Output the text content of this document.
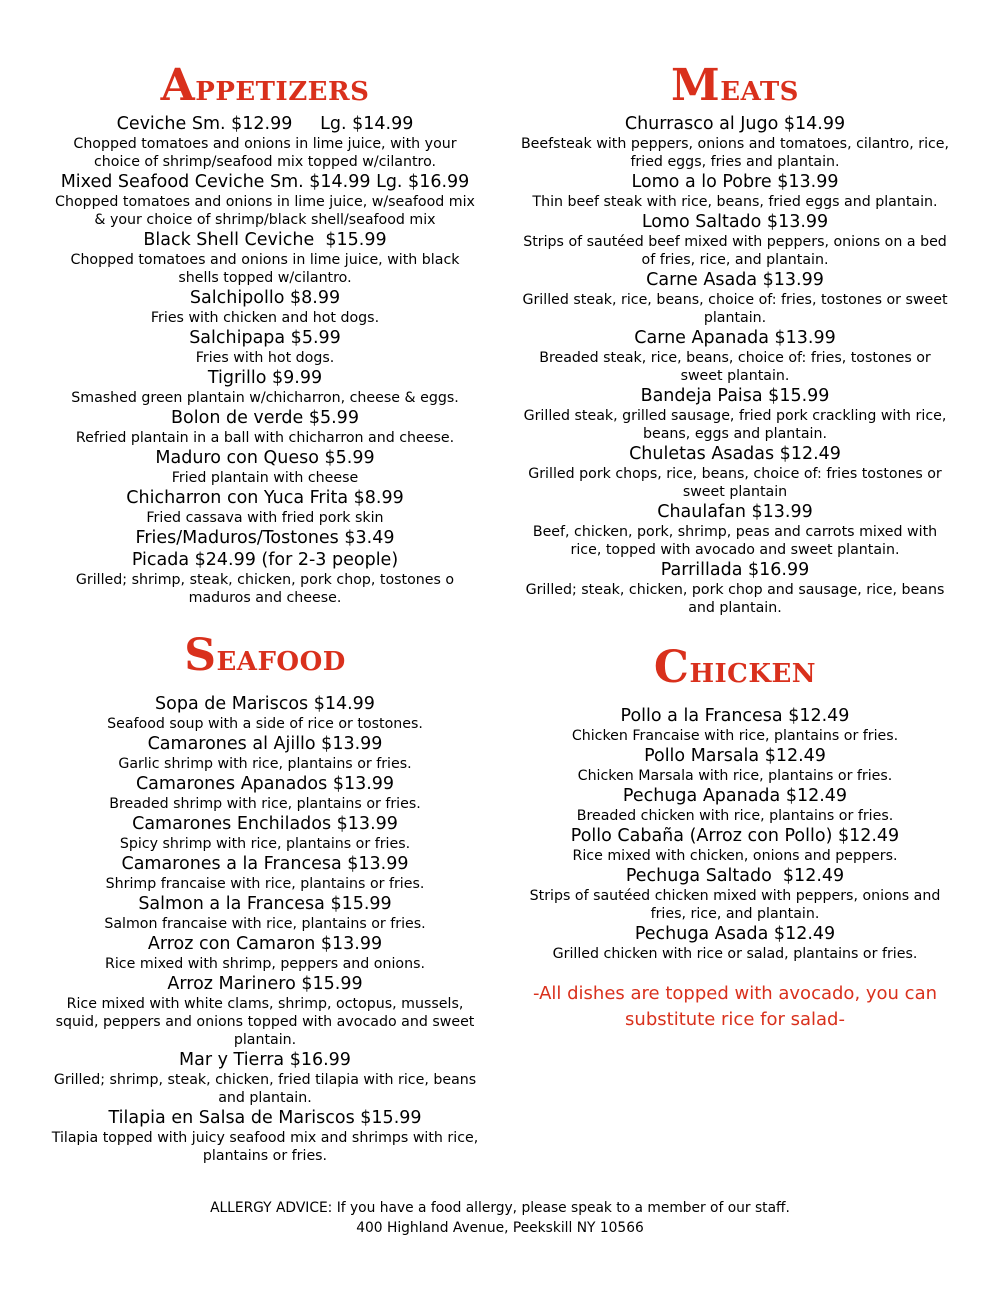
APPETIZERS
Ceviche Sm. $12.99     Lg. $14.99
Chopped tomatoes and onions in lime juice, with your choice of shrimp/seafood mix topped w/cilantro.
Mixed Seafood Ceviche Sm. $14.99 Lg. $16.99
Chopped tomatoes and onions in lime juice, w/seafood mix & your choice of shrimp/black shell/seafood mix
Black Shell Ceviche  $15.99
Chopped tomatoes and onions in lime juice, with black shells topped w/cilantro.
Salchipollo $8.99
Fries with chicken and hot dogs.
Salchipapa $5.99
Fries with hot dogs.
Tigrillo $9.99
Smashed green plantain w/chicharron, cheese & eggs.
Bolon de verde $5.99
Refried plantain in a ball with chicharron and cheese.
Maduro con Queso $5.99
Fried plantain with cheese
Chicharron con Yuca Frita $8.99
Fried cassava with fried pork skin
Fries/Maduros/Tostones $3.49
Picada $24.99 (for 2-3 people)
Grilled; shrimp, steak, chicken, pork chop, tostones o maduros and cheese.
SEAFOOD
Sopa de Mariscos $14.99
Seafood soup with a side of rice or tostones.
Camarones al Ajillo $13.99
Garlic shrimp with rice, plantains or fries.
Camarones Apanados $13.99
Breaded shrimp with rice, plantains or fries.
Camarones Enchilados $13.99
Spicy shrimp with rice, plantains or fries.
Camarones a la Francesa $13.99
Shrimp francaise with rice, plantains or fries.
Salmon a la Francesa $15.99
Salmon francaise with rice, plantains or fries.
Arroz con Camaron $13.99
Rice mixed with shrimp, peppers and onions.
Arroz Marinero $15.99
Rice mixed with white clams, shrimp, octopus, mussels, squid, peppers and onions topped with avocado and sweet plantain.
Mar y Tierra $16.99
Grilled; shrimp, steak, chicken, fried tilapia with rice, beans and plantain.
Tilapia en Salsa de Mariscos $15.99
Tilapia topped with juicy seafood mix and shrimps with rice, plantains or fries.
MEATS
Churrasco al Jugo $14.99
Beefsteak with peppers, onions and tomatoes, cilantro, rice, fried eggs, fries and plantain.
Lomo a lo Pobre $13.99
Thin beef steak with rice, beans, fried eggs and plantain.
Lomo Saltado $13.99
Strips of sautéed beef mixed with peppers, onions on a bed of fries, rice, and plantain.
Carne Asada $13.99
Grilled steak, rice, beans, choice of: fries, tostones or sweet plantain.
Carne Apanada $13.99
Breaded steak, rice, beans, choice of: fries, tostones or sweet plantain.
Bandeja Paisa $15.99
Grilled steak, grilled sausage, fried pork crackling with rice, beans, eggs and plantain.
Chuletas Asadas $12.49
Grilled pork chops, rice, beans, choice of: fries tostones or sweet plantain
Chaulafan $13.99
Beef, chicken, pork, shrimp, peas and carrots mixed with rice, topped with avocado and sweet plantain.
Parrillada $16.99
Grilled; steak, chicken, pork chop and sausage, rice, beans and plantain.
CHICKEN
Pollo a la Francesa $12.49
Chicken Francaise with rice, plantains or fries.
Pollo Marsala $12.49
Chicken Marsala with rice, plantains or fries.
Pechuga Apanada $12.49
Breaded chicken with rice, plantains or fries.
Pollo Cabaña (Arroz con Pollo) $12.49
Rice mixed with chicken, onions and peppers.
Pechuga Saltado  $12.49
Strips of sautéed chicken mixed with peppers, onions and fries, rice, and plantain.
Pechuga Asada $12.49
Grilled chicken with rice or salad, plantains or fries.
-All dishes are topped with avocado, you can substitute rice for salad-
ALLERGY ADVICE: If you have a food allergy, please speak to a member of our staff.
400 Highland Avenue, Peekskill NY 10566
